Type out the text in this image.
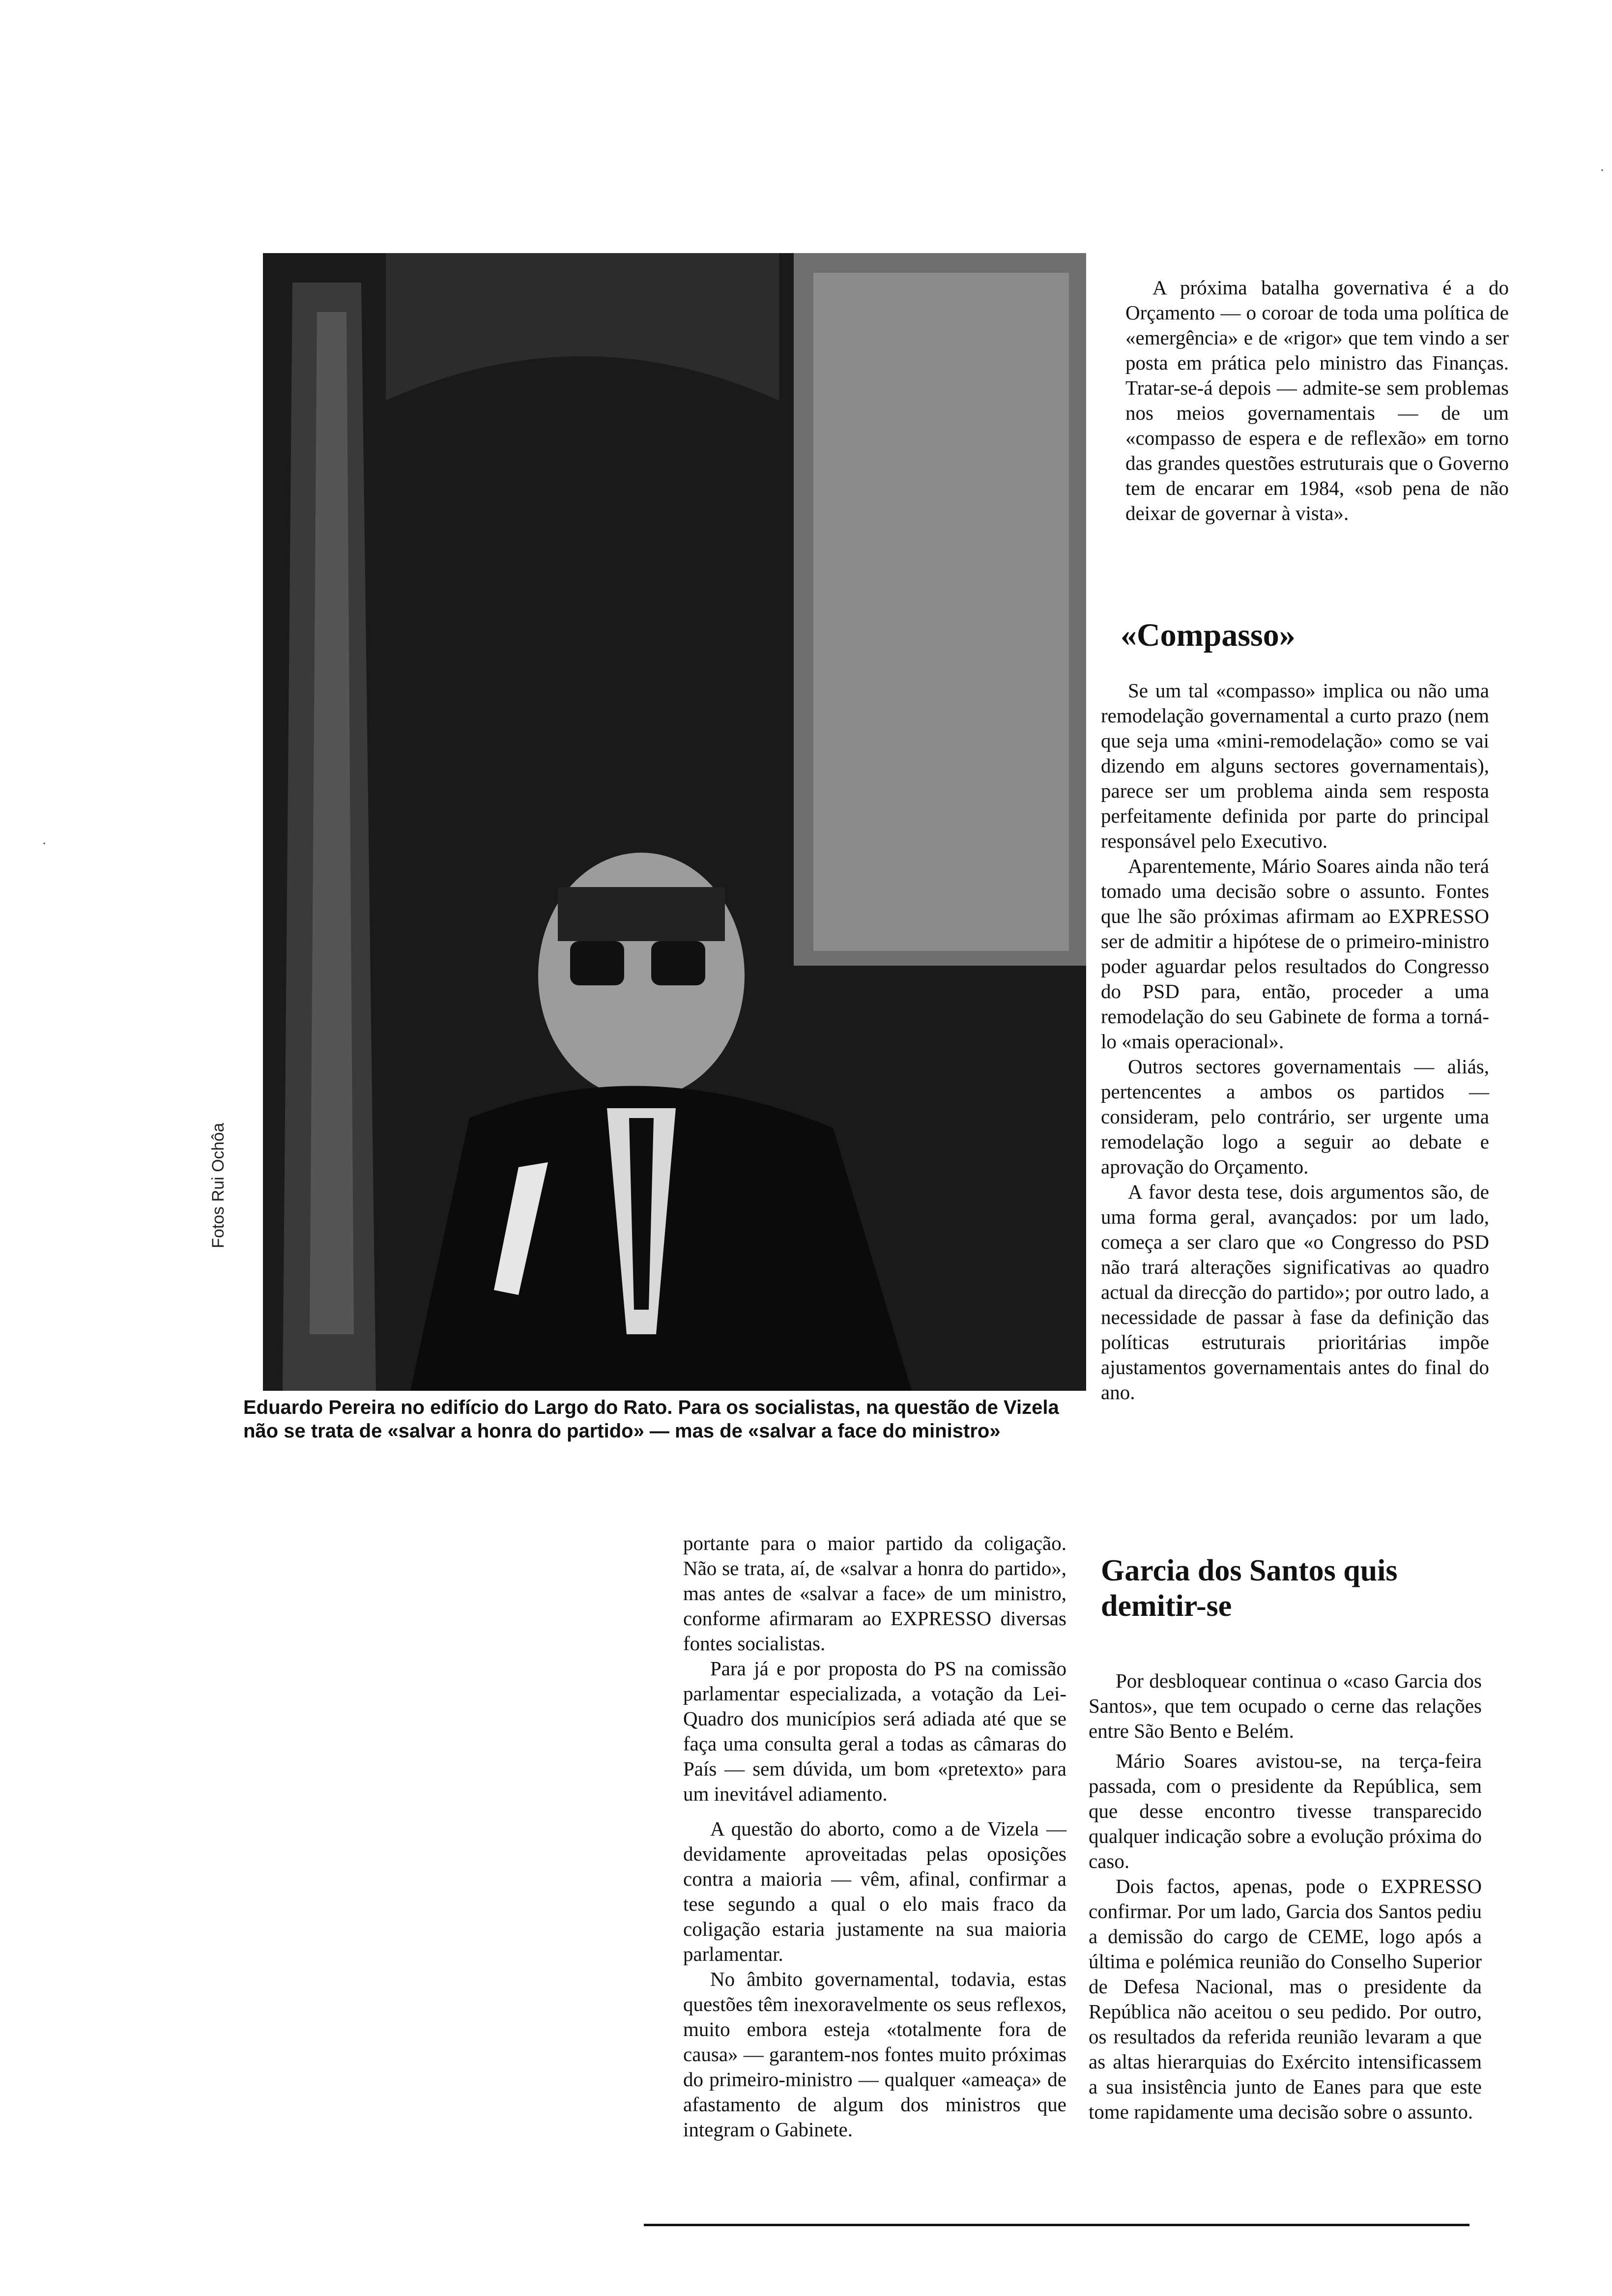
Fotos Rui Ochôa
Eduardo Pereira no edifício do Largo do Rato. Para os socialistas, na questão de Vizela não se trata de «salvar a honra do partido» — mas de «salvar a face do ministro»

A próxima batalha governativa é a do Orçamento — o coroar de toda uma política de «emergência» e de «rigor» que tem vindo a ser posta em prática pelo ministro das Finanças. Tratar-se-á depois — admite-se sem problemas nos meios governamentais — de um «compasso de espera e de reflexão» em torno das grandes questões estruturais que o Governo tem de encarar em 1984, «sob pena de não deixar de governar à vista».

«Compasso»

Se um tal «compasso» implica ou não uma remodelação governamental a curto prazo (nem que seja uma «mini-remodelação» como se vai dizendo em alguns sectores governamentais), parece ser um problema ainda sem resposta perfeitamente definida por parte do principal responsável pelo Executivo.

Aparentemente, Mário Soares ainda não terá tomado uma decisão sobre o assunto. Fontes que lhe são próximas afirmam ao EXPRESSO ser de admitir a hipótese de o primeiro-ministro poder aguardar pelos resultados do Congresso do PSD para, então, proceder a uma remodelação do seu Gabinete de forma a torná-lo «mais operacional».

Outros sectores governamentais — aliás, pertencentes a ambos os partidos — consideram, pelo contrário, ser urgente uma remodelação logo a seguir ao debate e aprovação do Orçamento.

A favor desta tese, dois argumentos são, de uma forma geral, avançados: por um lado, começa a ser claro que «o Congresso do PSD não trará alterações significativas ao quadro actual da direcção do partido»; por outro lado, a necessidade de passar à fase da definição das políticas estruturais prioritárias impõe ajustamentos governamentais antes do final do ano.

portante para o maior partido da coligação. Não se trata, aí, de «salvar a honra do partido», mas antes de «salvar a face» de um ministro, conforme afirmaram ao EXPRESSO diversas fontes socialistas.

Para já e por proposta do PS na comissão parlamentar especializada, a votação da Lei-Quadro dos municípios será adiada até que se faça uma consulta geral a todas as câmaras do País — sem dúvida, um bom «pretexto» para um inevitável adiamento.

A questão do aborto, como a de Vizela — devidamente aproveitadas pelas oposições contra a maioria — vêm, afinal, confirmar a tese segundo a qual o elo mais fraco da coligação estaria justamente na sua maioria parlamentar.

No âmbito governamental, todavia, estas questões têm inexoravelmente os seus reflexos, muito embora esteja «totalmente fora de causa» — garantem-nos fontes muito próximas do primeiro-ministro — qualquer «ameaça» de afastamento de algum dos ministros que integram o Gabinete.

Garcia dos Santos quis demitir-se

Por desbloquear continua o «caso Garcia dos Santos», que tem ocupado o cerne das relações entre São Bento e Belém.

Mário Soares avistou-se, na terça-feira passada, com o presidente da República, sem que desse encontro tivesse transparecido qualquer indicação sobre a evolução próxima do caso.

Dois factos, apenas, pode o EXPRESSO confirmar. Por um lado, Garcia dos Santos pediu a demissão do cargo de CEME, logo após a última e polémica reunião do Conselho Superior de Defesa Nacional, mas o presidente da República não aceitou o seu pedido. Por outro, os resultados da referida reunião levaram a que as altas hierarquias do Exército intensificassem a sua insistência junto de Eanes para que este tome rapidamente uma decisão sobre o assunto.

·
·
